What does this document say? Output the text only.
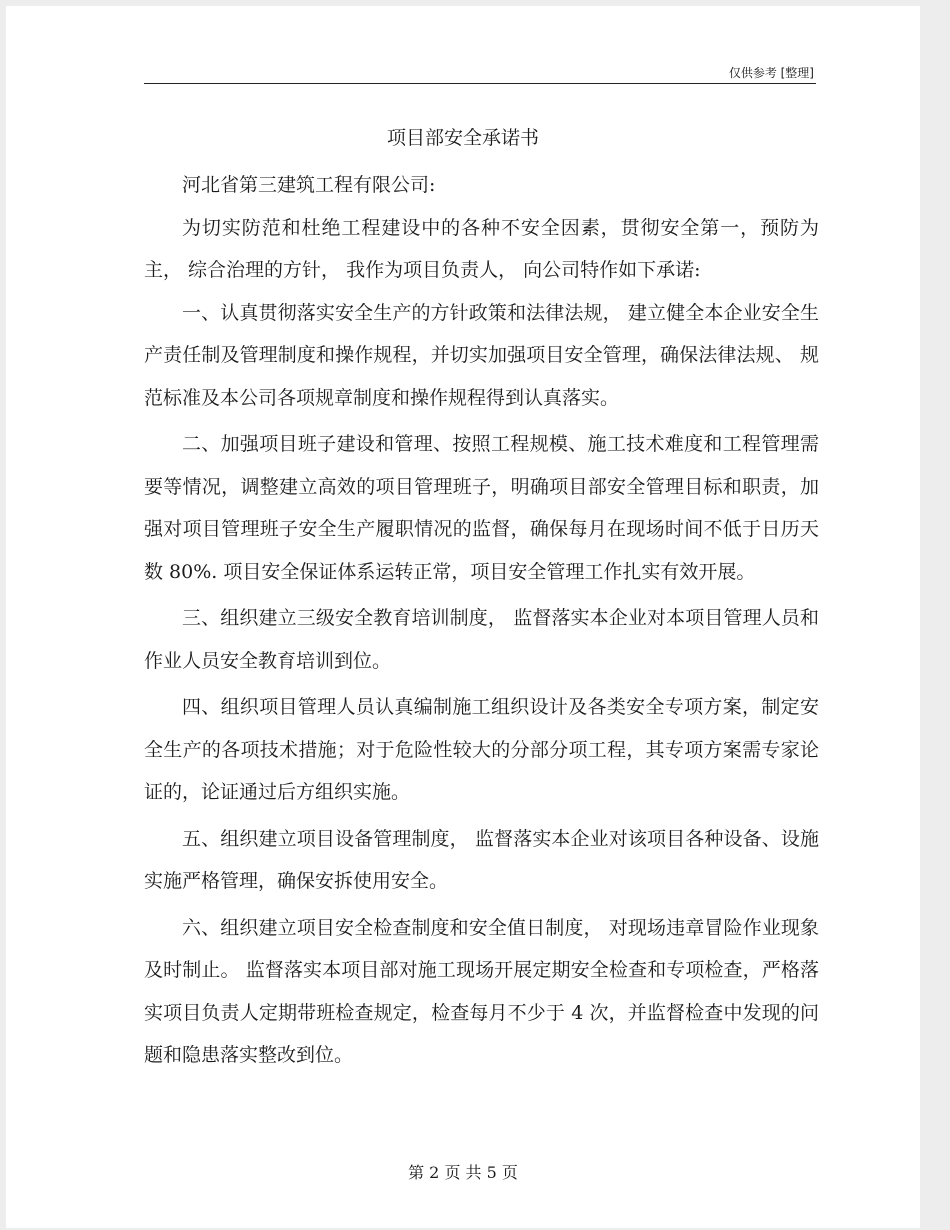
仅供参考 [整理]
项目部安全承诺书

河北省第三建筑工程有限公司:

为切实防范和杜绝工程建设中的各种不安全因素，贯彻安全第一，预防为主， 综合治理的方针， 我作为项目负责人， 向公司特作如下承诺:

一、认真贯彻落实安全生产的方针政策和法律法规， 建立健全本企业安全生产责任制及管理制度和操作规程，并切实加强项目安全管理，确保法律法规、 规范标准及本公司各项规章制度和操作规程得到认真落实。

二、加强项目班子建设和管理、按照工程规模、施工技术难度和工程管理需要等情况，调整建立高效的项目管理班子，明确项目部安全管理目标和职责，加强对项目管理班子安全生产履职情况的监督，确保每月在现场时间不低于日历天数 80%. 项目安全保证体系运转正常，项目安全管理工作扎实有效开展。

三、组织建立三级安全教育培训制度， 监督落实本企业对本项目管理人员和作业人员安全教育培训到位。

四、组织项目管理人员认真编制施工组织设计及各类安全专项方案，制定安全生产的各项技术措施；对于危险性较大的分部分项工程，其专项方案需专家论证的，论证通过后方组织实施。

五、组织建立项目设备管理制度， 监督落实本企业对该项目各种设备、设施实施严格管理，确保安拆使用安全。

六、组织建立项目安全检查制度和安全值日制度， 对现场违章冒险作业现象及时制止。 监督落实本项目部对施工现场开展定期安全检查和专项检查，严格落实项目负责人定期带班检查规定，检查每月不少于 4 次，并监督检查中发现的问题和隐患落实整改到位。

第 2 页 共 5 页
